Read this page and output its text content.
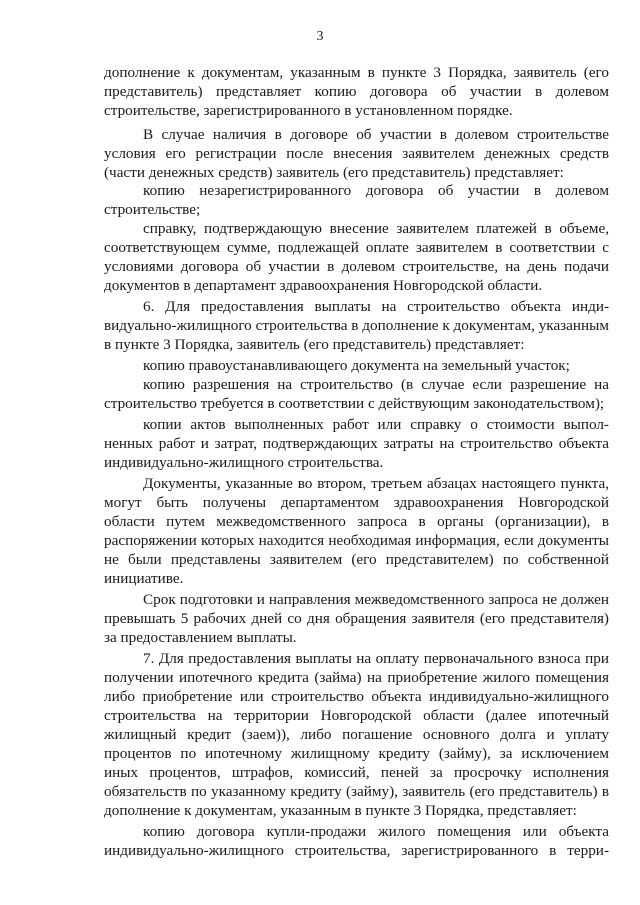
3
дополнение к документам, указанным в пункте 3 Порядка, заявитель (его
представитель) представляет копию договора об участии в долевом
строительстве, зарегистрированного в установленном порядке.
В случае наличия в договоре об участии в долевом строительстве
условия его регистрации после внесения заявителем денежных средств
(части денежных средств) заявитель (его представитель) представляет:
копию незарегистрированного договора об участии в долевом
строительстве;
справку, подтверждающую внесение заявителем платежей в объеме,
соответствующем сумме, подлежащей оплате заявителем в соответствии с
условиями договора об участии в долевом строительстве, на день подачи
документов в департамент здравоохранения Новгородской области.
6. Для предоставления выплаты на строительство объекта инди-
видуально-жилищного строительства в дополнение к документам, указанным
в пункте 3 Порядка, заявитель (его представитель) представляет:
копию правоустанавливающего документа на земельный участок;
копию разрешения на строительство (в случае если разрешение на
строительство требуется в соответствии с действующим законодательством);
копии актов выполненных работ или справку о стоимости выпол-
ненных работ и затрат, подтверждающих затраты на строительство объекта
индивидуально-жилищного строительства.
Документы, указанные во втором, третьем абзацах настоящего пункта,
могут быть получены департаментом здравоохранения Новгородской
области путем межведомственного запроса в органы (организации), в
распоряжении которых находится необходимая информация, если документы
не были представлены заявителем (его представителем) по собственной
инициативе.
Срок подготовки и направления межведомственного запроса не должен
превышать 5 рабочих дней со дня обращения заявителя (его представителя)
за предоставлением выплаты.
7. Для предоставления выплаты на оплату первоначального взноса при
получении ипотечного кредита (займа) на приобретение жилого помещения
либо приобретение или строительство объекта индивидуально-жилищного
строительства на территории Новгородской области (далее ипотечный
жилищный кредит (заем)), либо погашение основного долга и уплату
процентов по ипотечному жилищному кредиту (займу), за исключением
иных процентов, штрафов, комиссий, пеней за просрочку исполнения
обязательств по указанному кредиту (займу), заявитель (его представитель) в
дополнение к документам, указанным в пункте 3 Порядка, представляет:
копию договора купли-продажи жилого помещения или объекта
индивидуально-жилищного строительства, зарегистрированного в терри-
